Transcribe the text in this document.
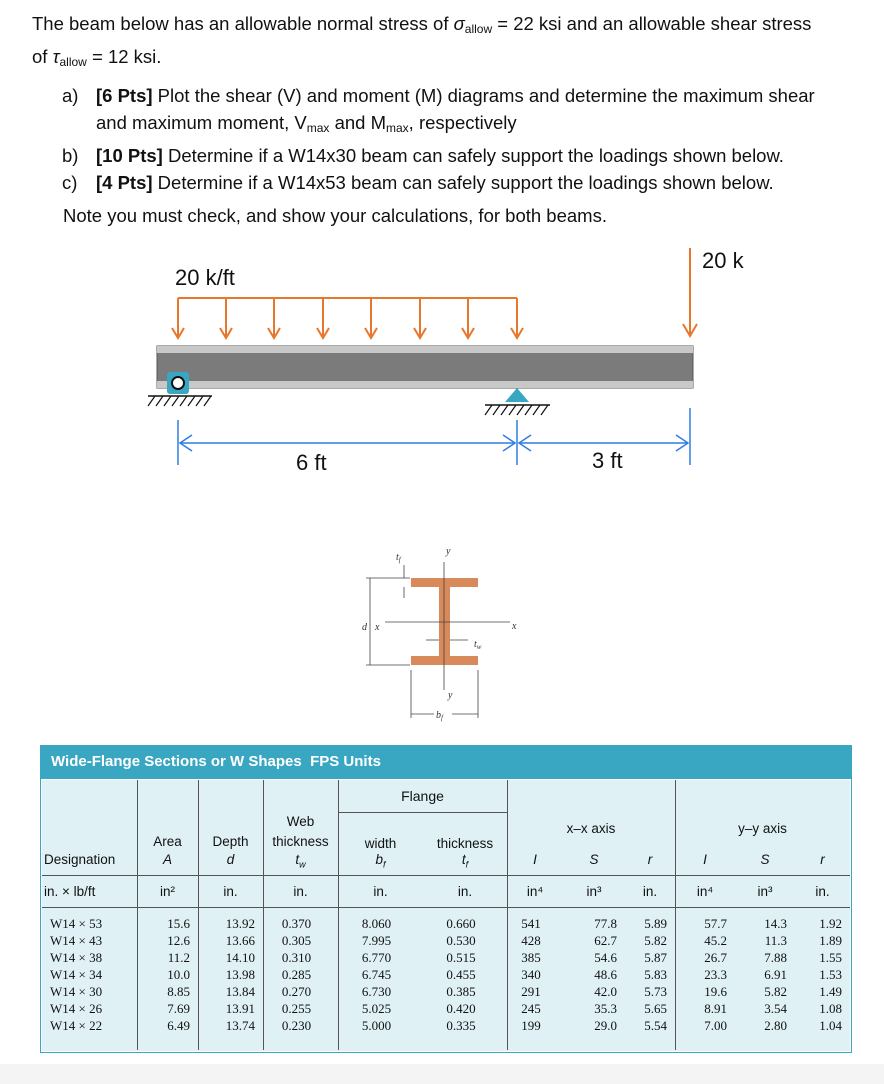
The beam below has an allowable normal stress of $\sigma_{allow} = 22$ ksi and an allowable shear stress
of $\tau_{allow} = 12$ ksi.
a) [6 Pts] Plot the shear (V) and moment (M) diagrams and determine the maximum shear
and maximum moment, $V_{max}$ and $M_{max}$, respectively
b) [10 Pts] Determine if a W14x30 beam can safely support the loadings shown below.
c)	[4 Pts] Determine if a W14x53 beam can safely support the loadings shown below.
Note you must check, and show your calculations, for both beams.
20 k/ft
20 k
6 ft	3 ft
$t_f$
y
d x	x
$t_w$
y
$b_f$
Wide-Flange Sections or W Shapes FPS Units
Flange
x–x axis	y–y axis
Web
Area	Depth	thickness	width	thickness
Designation	A	d	$t_w$	$b_f$	$t_f$	I	S	r	I	S	r
in. × lb/ft	in²	in.	in.	in.	in.	in⁴	in³	in.	in⁴	in³	in.
W14 × 53	15.6	13.92	0.370	8.060	0.660	541	77.8	5.89	57.7	14.3	1.92
W14 × 43	12.6	13.66	0.305	7.995	0.530	428	62.7	5.82	45.2	11.3	1.89
W14 × 38	11.2	14.10	0.310	6.770	0.515	385	54.6	5.87	26.7	7.88	1.55
W14 × 34	10.0	13.98	0.285	6.745	0.455	340	48.6	5.83	23.3	6.91	1.53
W14 × 30	8.85	13.84	0.270	6.730	0.385	291	42.0	5.73	19.6	5.82	1.49
W14 × 26	7.69	13.91	0.255	5.025	0.420	245	35.3	5.65	8.91	3.54	1.08
W14 × 22	6.49	13.74	0.230	5.000	0.335	199	29.0	5.54	7.00	2.80	1.04
